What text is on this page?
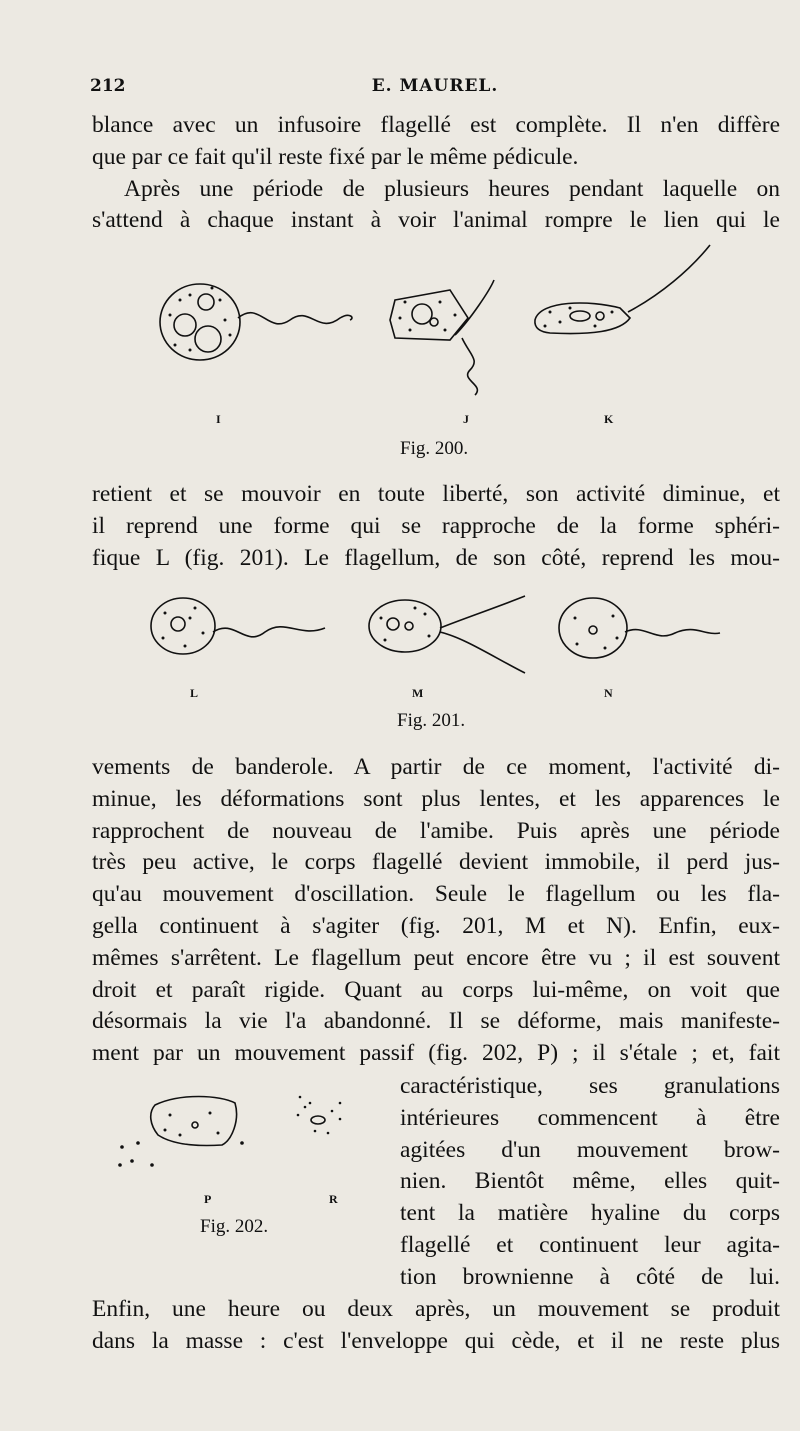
212	E. MAUREL.
blance avec un infusoire flagellé est complète. Il n'en diffère
que par ce fait qu'il reste fixé par le même pédicule.
Après une période de plusieurs heures pendant laquelle on
s'attend à chaque instant à voir l'animal rompre le lien qui le
I	J	K
Fig. 200.
retient et se mouvoir en toute liberté, son activité diminue, et
il reprend une forme qui se rapproche de la forme sphéri-
fique L (fig. 201). Le flagellum, de son côté, reprend les mou-
L	M	N
Fig. 201.
vements de banderole. A partir de ce moment, l'activité di-
minue, les déformations sont plus lentes, et les apparences le
rapprochent de nouveau de l'amibe. Puis après une période
très peu active, le corps flagellé devient immobile, il perd jus-
qu'au mouvement d'oscillation. Seule le flagellum ou les fla-
gella continuent à s'agiter (fig. 201, M et N). Enfin, eux-
mêmes s'arrêtent. Le flagellum peut encore être vu ; il est souvent
droit et paraît rigide. Quant au corps lui-même, on voit que
désormais la vie l'a abandonné. Il se déforme, mais manifeste-
ment par un mouvement passif (fig. 202, P) ; il s'étale ; et, fait
P	R
Fig. 202.
caractéristique, ses granulations
intérieures commencent à être
agitées d'un mouvement brow-
nien. Bientôt même, elles quit-
tent la matière hyaline du corps
flagellé et continuent leur agita-
tion brownienne à côté de lui.
Enfin, une heure ou deux après, un mouvement se produit
dans la masse : c'est l'enveloppe qui cède, et il ne reste plus
